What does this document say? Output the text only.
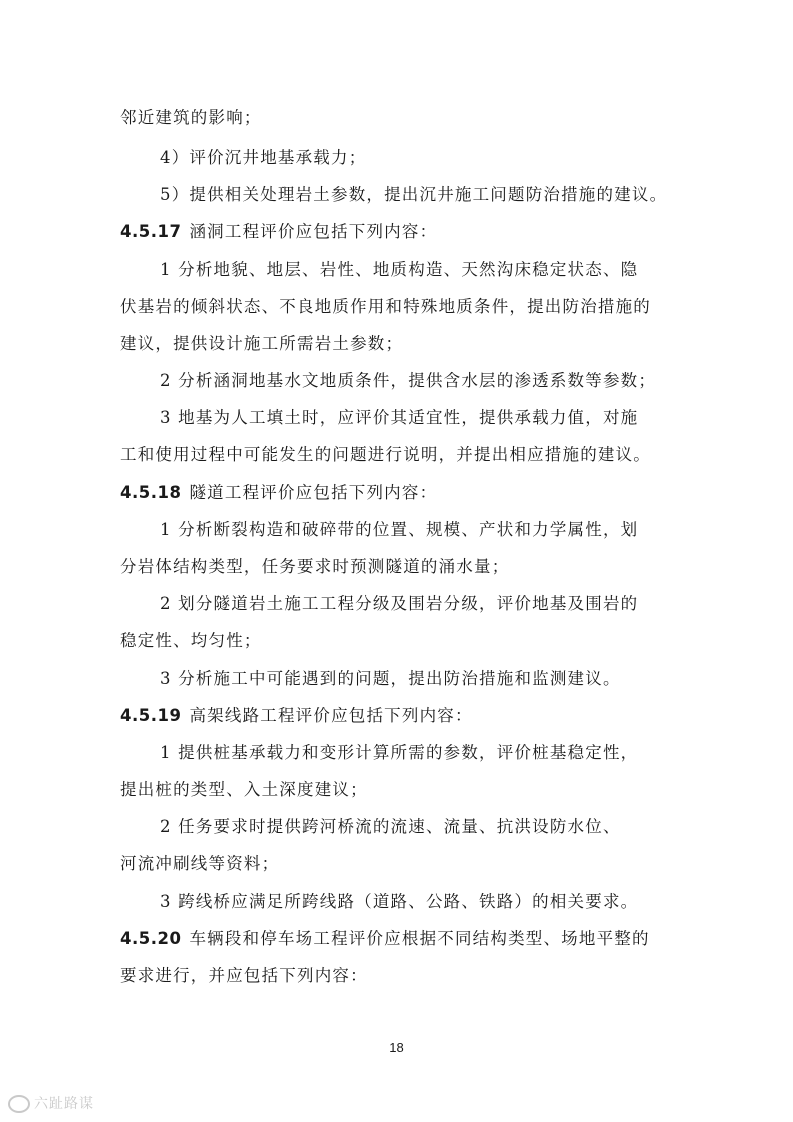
邻近建筑的影响；
4）评价沉井地基承载力；
5）提供相关处理岩土参数，提出沉井施工问题防治措施的建议。
4.5.17 涵洞工程评价应包括下列内容：
1 分析地貌、地层、岩性、地质构造、天然沟床稳定状态、隐
伏基岩的倾斜状态、不良地质作用和特殊地质条件，提出防治措施的
建议，提供设计施工所需岩土参数；
2 分析涵洞地基水文地质条件，提供含水层的渗透系数等参数；
3 地基为人工填土时，应评价其适宜性，提供承载力值，对施
工和使用过程中可能发生的问题进行说明，并提出相应措施的建议。
4.5.18 隧道工程评价应包括下列内容：
1 分析断裂构造和破碎带的位置、规模、产状和力学属性，划
分岩体结构类型，任务要求时预测隧道的涌水量；
2 划分隧道岩土施工工程分级及围岩分级，评价地基及围岩的
稳定性、均匀性；
3 分析施工中可能遇到的问题，提出防治措施和监测建议。
4.5.19 高架线路工程评价应包括下列内容：
1 提供桩基承载力和变形计算所需的参数，评价桩基稳定性，
提出桩的类型、入土深度建议；
2 任务要求时提供跨河桥流的流速、流量、抗洪设防水位、
河流冲刷线等资料；
3 跨线桥应满足所跨线路（道路、公路、铁路）的相关要求。
4.5.20 车辆段和停车场工程评价应根据不同结构类型、场地平整的
要求进行，并应包括下列内容：
18
六趾路谋
